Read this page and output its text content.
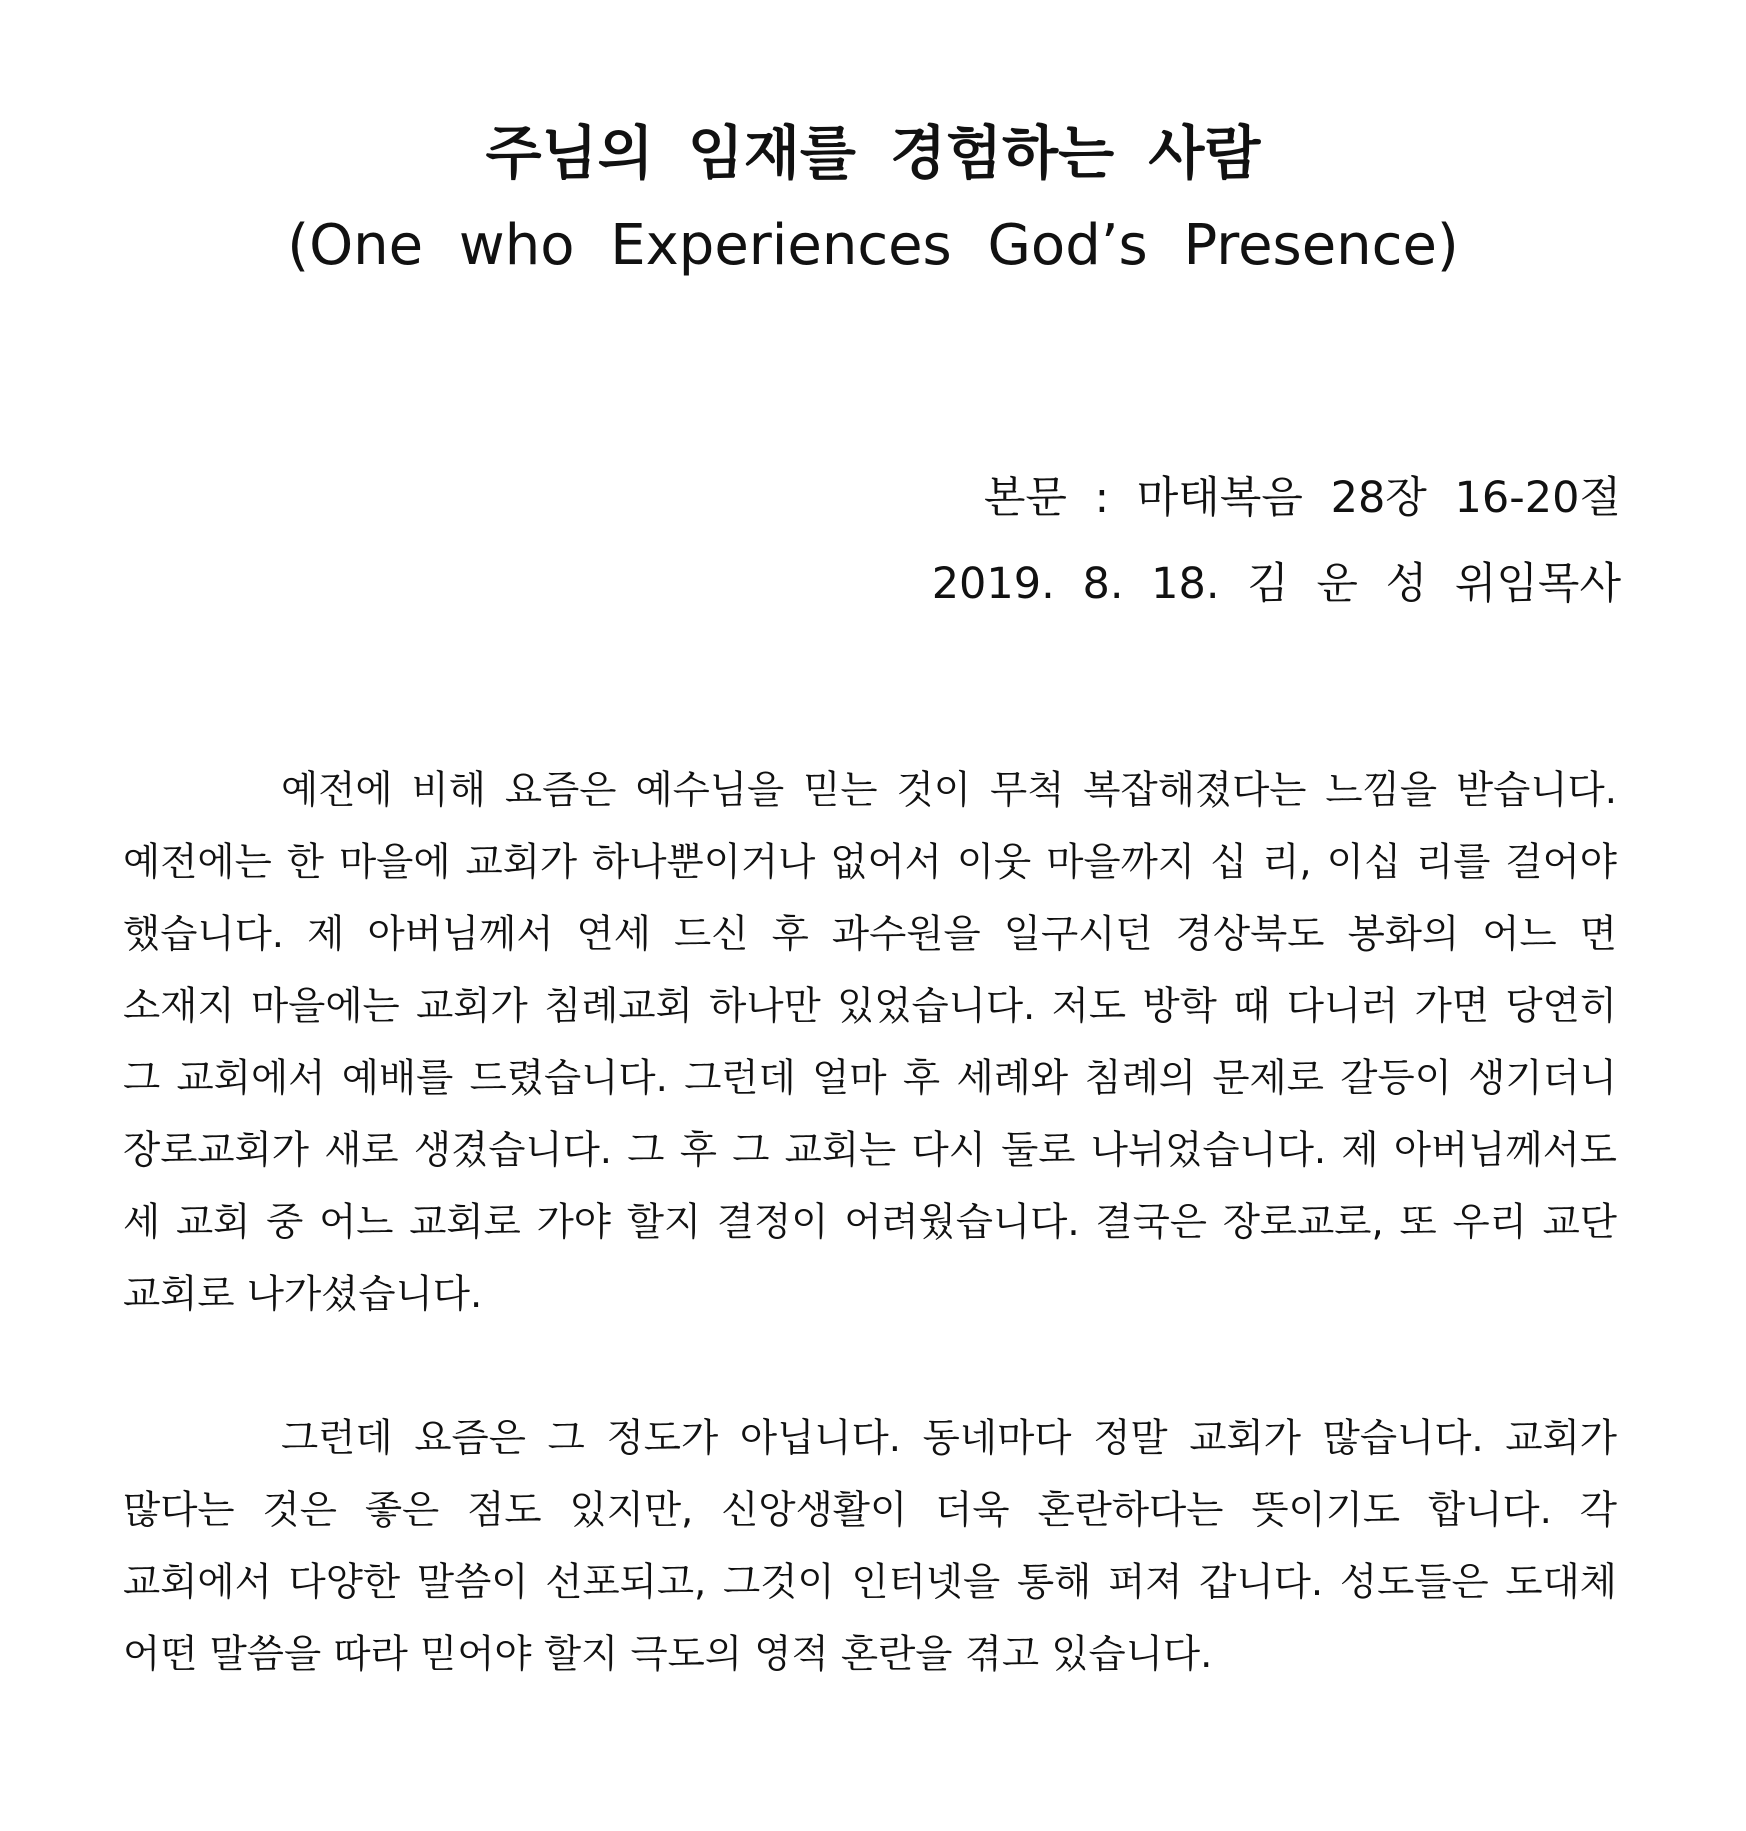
주님의 임재를 경험하는 사람

(One who Experiences God’s Presence)

본문 : 마태복음 28장 16-20절

2019. 8. 18. 김 운 성 위임목사

예전에 비해 요즘은 예수님을 믿는 것이 무척 복잡해졌다는 느낌을 받습니다. 예전에는 한 마을에 교회가 하나뿐이거나 없어서 이웃 마을까지 십 리, 이십 리를 걸어야 했습니다. 제 아버님께서 연세 드신 후 과수원을 일구시던 경상북도 봉화의 어느 면 소재지 마을에는 교회가 침례교회 하나만 있었습니다. 저도 방학 때 다니러 가면 당연히 그 교회에서 예배를 드렸습니다. 그런데 얼마 후 세례와 침례의 문제로 갈등이 생기더니 장로교회가 새로 생겼습니다. 그 후 그 교회는 다시 둘로 나뉘었습니다. 제 아버님께서도 세 교회 중 어느 교회로 가야 할지 결정이 어려웠습니다. 결국은 장로교로, 또 우리 교단 교회로 나가셨습니다.

그런데 요즘은 그 정도가 아닙니다. 동네마다 정말 교회가 많습니다. 교회가 많다는 것은 좋은 점도 있지만, 신앙생활이 더욱 혼란하다는 뜻이기도 합니다. 각 교회에서 다양한 말씀이 선포되고, 그것이 인터넷을 통해 퍼져 갑니다. 성도들은 도대체 어떤 말씀을 따라 믿어야 할지 극도의 영적 혼란을 겪고 있습니다.
